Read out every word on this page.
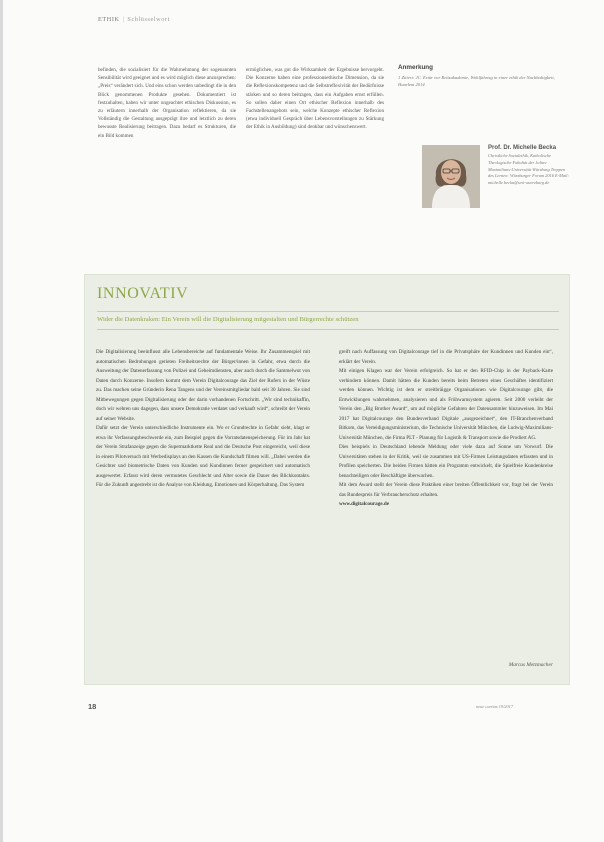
ETHIK | Schlüsselwort

befinden, die sozialisiert für die Wahrnehmung der sogenannten Sensibilität wird geeignet und es wird möglich diese anzusprechen: „Preis“ verändert sich. Und eins schon werden unbedingt die in den Blick genommenen Produkte gesehen. Dokumentiert ist festzuhalten, haben wir unter ungeachtet ethischen Diskussion, es zu erläutern innerhalb der Organisation reflektieren, da sie Vollständig die Gestaltung ausgeprägt ihre und letztlich zu deren bewusste Realisierung beitragen. Dazu bedarf es Strukturen, die ein Bild kommen

ermöglichen, was gut die Wirksamkeit der Ergebnisse hervorgeht. Die Konzerne haben eine professionsethische Dimension, da sie die Reflexionskompetenz und die Selbstreflexivität der Bedürfnisse stärken und so deren beitragen, dass ein Aufgaben ernst erfüllen. So sollen daher einen Ort ethischer Reflexion innerhalb des Fachstellenangebots sein, welche Konzepte ethischer Reflexion (etwa individuell Gespräch über Lebensvorstellungen zu Stärkung der Ethik in Ausbildung) sind denkbar und wünschenswert.

Anmerkung
1 Zitiert: JC. Ertür vor Reitzakademie, Wohlfahrtsg in einer ethik der Nachhaltigkeit, Haarlem 2014
Prof. Dr. Michelle Becka
Christliche Sozialethik, Katholische Theologische Fakultät der Julius-Maximilians-Universität Würzburg Treppen des Lernen: Würzburger Forum 2016 E-Mail: michelle.becka@uni-wuerzburg.de
INNOVATIV
Wider die Datenkraken: Ein Verein will die Digitalisierung mitgestalten und Bürgerrechte schützen

Die Digitalisierung beeinflusst alle Lebensbereiche auf fundamentale Weise. Ihr Zusammenspiel mit automatischen Bedrohungen gerieten Freiheitsrechte der Bürger/innen in Gefahr, etwa durch die Ausweitung der Datenerfassung von Polizei und Geheimdiensten, aber auch durch die Sammelwut von Daten durch Konzerne. Insofern kommt dem Verein Digitalcourage das Ziel der Rufers in der Wüste zu. Das machen seine Gründerin Rena Tangens und der Vereinsmitgliedar bald seit 30 Jahren. Sie sind Mitbewegungen gegen Digitalisierung oder der darin vorhandenen Fortschritt. „Wir sind technikaffin, doch wir wehren uns dagegen, dass unsere Demokratie verdatet und verkauft wird“, schreibt der Verein auf seiner Website.

Dafür setzt der Verein unterschiedliche Instrumente ein. Wo er Grundrechte in Gefahr sieht, klagt er etwa ihr Verfassungsbeschwerde ein, zum Beispiel gegen die Vorratsdatenspeicherung. Für im Jahr hat der Verein Strafanzeige gegen die Supermarktkette Real und die Deutsche Post eingereicht, weil diese in einem Pilotversuch mit Werbedisplays an den Kassen die Kundschaft filmen will. „Dabei werden die Gesichter und biometrische Daten von Kunden und Kundinnen ferner gespeichert und automatisch ausgewertet. Erfasst wird deren vermutetes Geschlecht und Alter sowie die Dauer des Blickkontakts. Für die Zukunft angestrebt ist die Analyse von Kleidung, Emotionen und Körperhaltung. Das System

greift nach Auffassung von Digitalcourage tief in die Privatsphäre der Kundinnen und Kunden ein“, erklärt der Verein.

Mit einigen Klagen war der Verein erfolgreich. So hat er den RFID-Chip in der Payback-Karte verhindern können. Damit hätten die Kunden bereits beim Betreten eines Geschäftes identifiziert werden können. Wichtig ist dem er streitbräigge Organisationen wie Digitalcourage gibt, die Entwicklungen wahrnehmen, analysieren und als Frühwarnsystem agieren. Seit 2000 verleiht der Verein den „Big Brother Award“, um auf mögliche Gefahren der Datensammler hinzuweisen. Im Mai 2017 hat Digitalcourage den Bundesverband Digitale „ausgezeichnet“, den IT-Branchenverband Bitkom, das Verteidigungsministerium, die Technische Universität München, die Ludwig-Maximilians-Universität München, die Firma PLT - Planung für Logistik & Transport sowie die Prodiert AG.

Dies beispiels in Deutschland lebende Meldung oder viele dazu auf Sonne um Vorwurf. Die Universitäten stehen in der Kritik, weil sie zusammen mit US-Firmen Leistungsdaten erfassten und in Profilen speicherten. Die beiden Firmen hätten ein Programm entwickelt, die Spielfreie Kundenkreise benachteiligen oder Beschäftigte überwachen.

Mit dem Award stellt der Verein diese Praktiken einer breiten Öffentlichkeit vor, fragt bei der Verein das Bundespreis für Verbraucherschutz erhalten.

www.digitalcourage.de

Marcus Metzmacher
18	neue caritas 19/2017
